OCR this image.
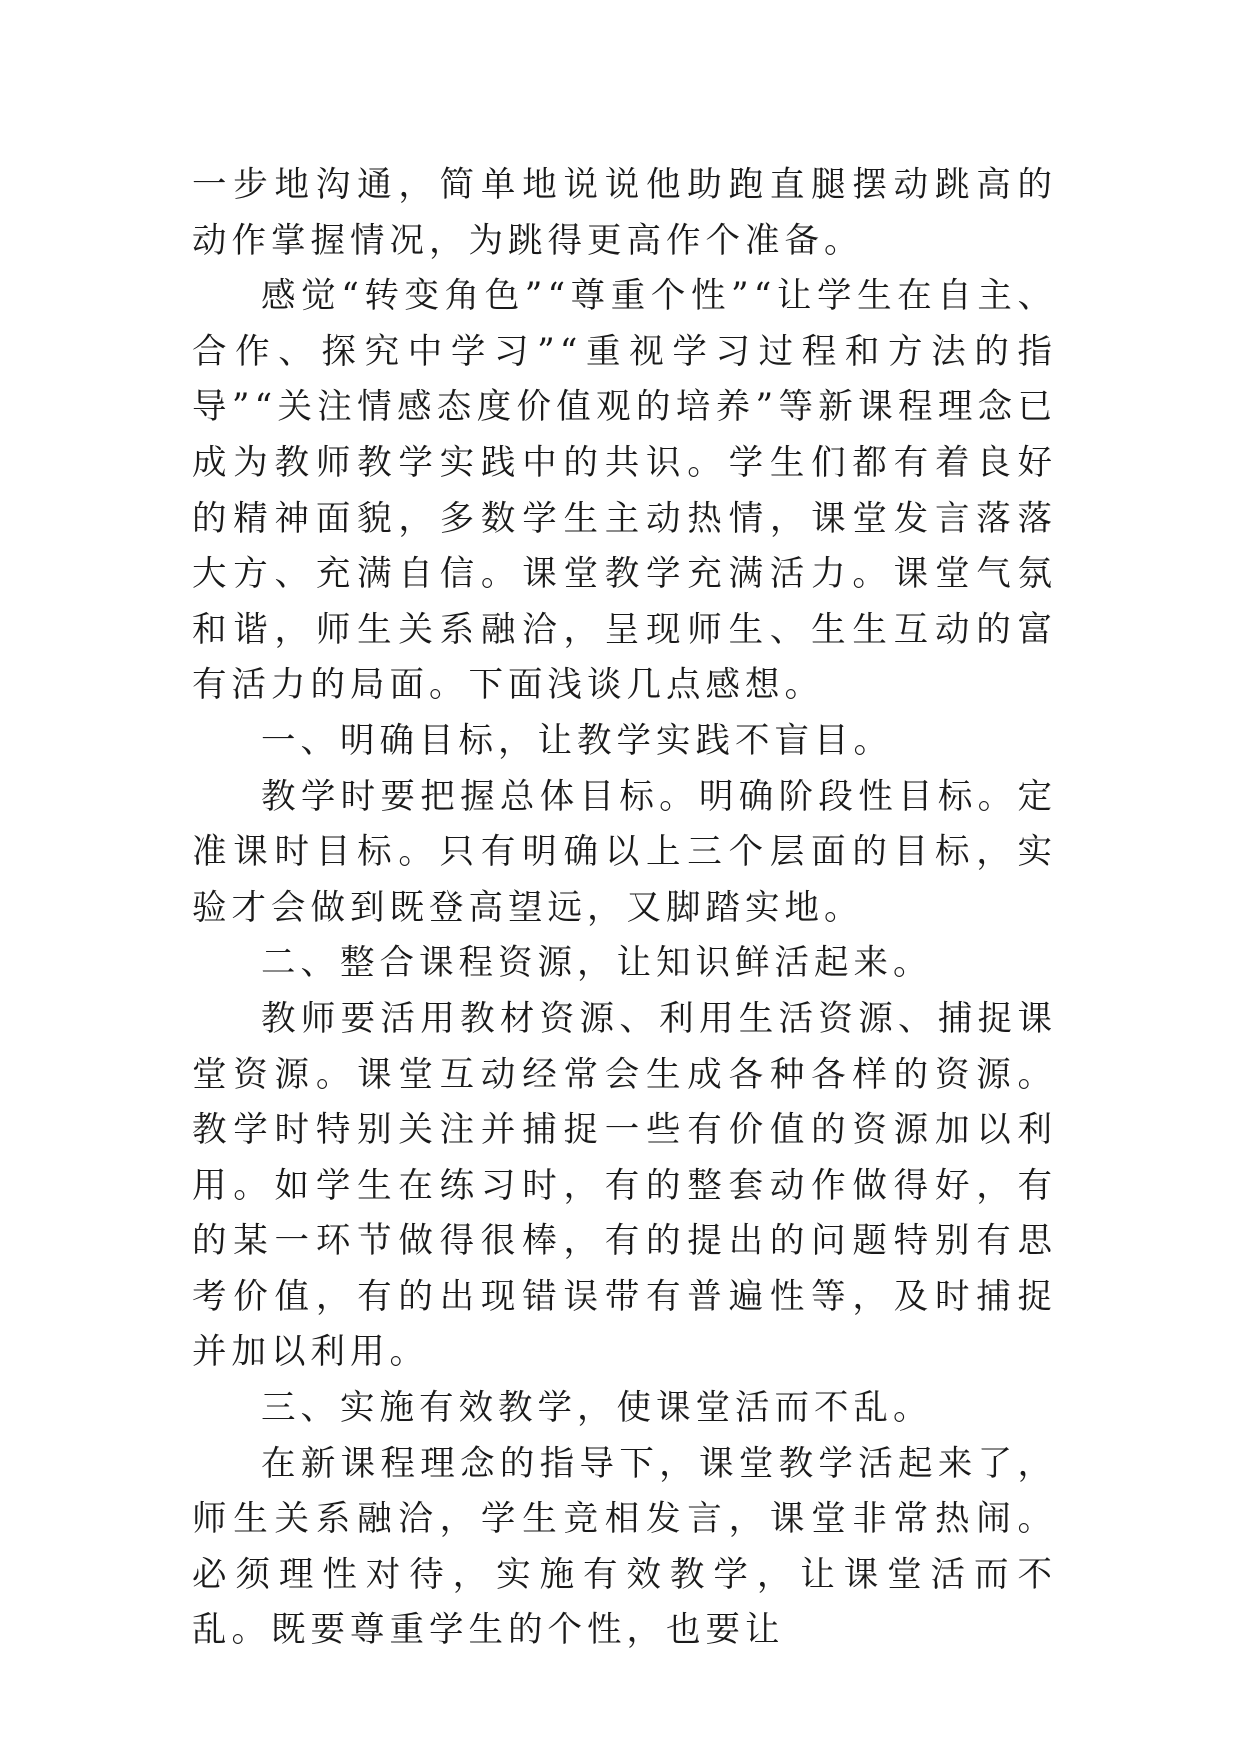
一步地沟通，简单地说说他助跑直腿摆动跳高的动作掌握情况，为跳得更高作个准备。

感觉“转变角色”“尊重个性”“让学生在自主、合作、探究中学习”“重视学习过程和方法的指导”“关注情感态度价值观的培养”等新课程理念已成为教师教学实践中的共识。学生们都有着良好的精神面貌，多数学生主动热情，课堂发言落落大方、充满自信。课堂教学充满活力。课堂气氛和谐，师生关系融洽，呈现师生、生生互动的富有活力的局面。下面浅谈几点感想。

一、明确目标，让教学实践不盲目。

教学时要把握总体目标。明确阶段性目标。定准课时目标。只有明确以上三个层面的目标，实验才会做到既登高望远，又脚踏实地。

二、整合课程资源，让知识鲜活起来。

教师要活用教材资源、利用生活资源、捕捉课堂资源。课堂互动经常会生成各种各样的资源。教学时特别关注并捕捉一些有价值的资源加以利用。如学生在练习时，有的整套动作做得好，有的某一环节做得很棒，有的提出的问题特别有思考价值，有的出现错误带有普遍性等，及时捕捉并加以利用。

三、实施有效教学，使课堂活而不乱。

在新课程理念的指导下，课堂教学活起来了，师生关系融洽，学生竞相发言，课堂非常热闹。必须理性对待，实施有效教学，让课堂活而不乱。既要尊重学生的个性，也要让
